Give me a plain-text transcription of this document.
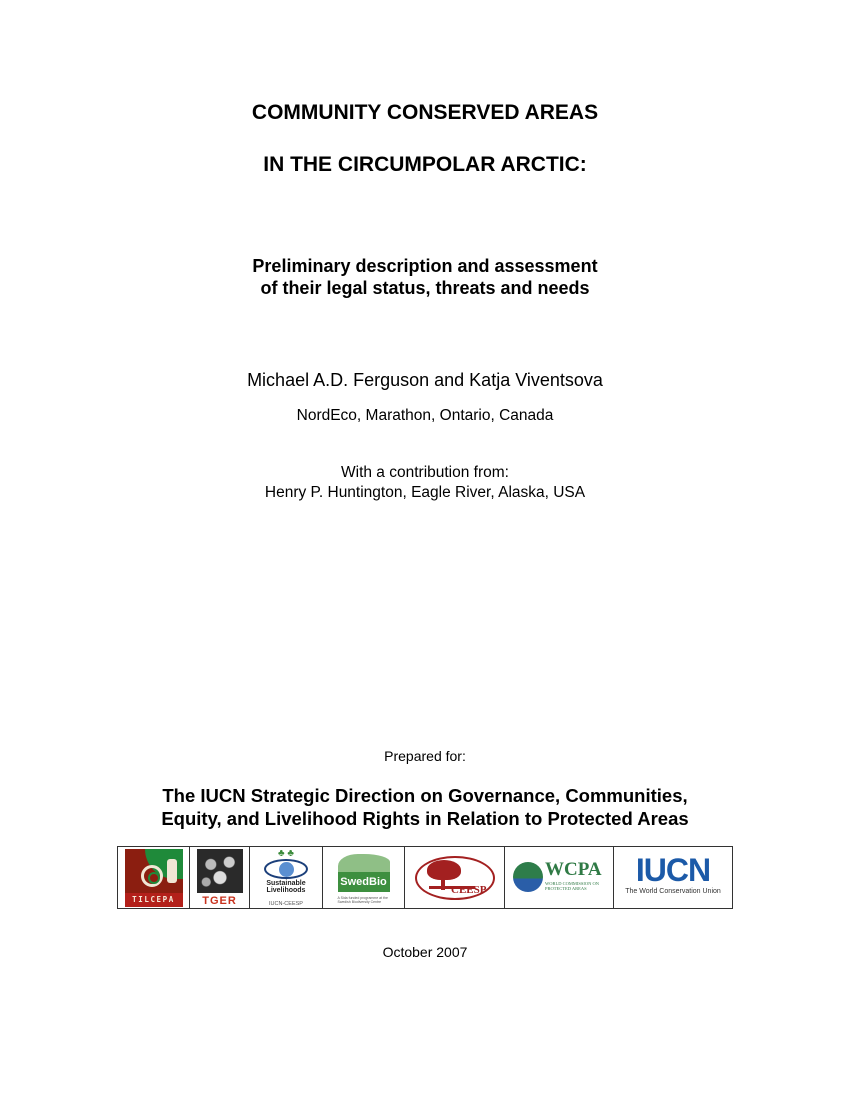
COMMUNITY CONSERVED AREAS
IN THE CIRCUMPOLAR ARCTIC:
Preliminary description and assessment
of their legal status, threats and needs
Michael A.D. Ferguson and Katja Viventsova
NordEco, Marathon, Ontario, Canada
With a contribution from:
Henry P. Huntington, Eagle River, Alaska, USA
Prepared for:
The IUCN Strategic Direction on Governance, Communities,
Equity, and Livelihood Rights in Relation to Protected Areas
TILCEPA	TGER
♣ ♣
Sustainable
Livelihoods
IUCN-CEESP
SwedBio
A Sida funded programme at the Swedish Biodiversity Centre
CEESP
WCPA
WORLD COMMISSION ON PROTECTED AREAS
IUCN
The World Conservation Union
October 2007
